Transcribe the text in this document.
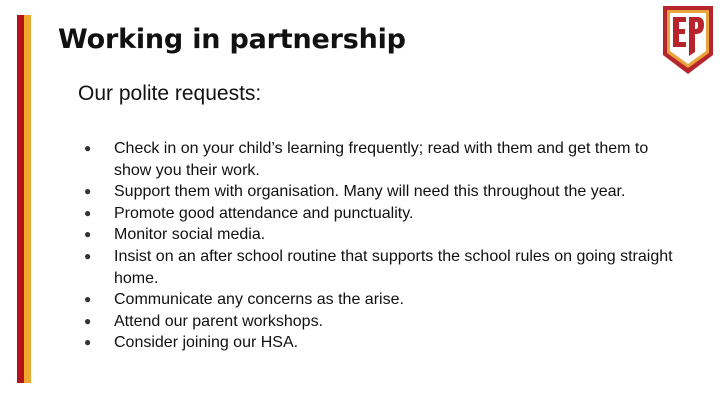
Working in partnership

Our polite requests:

●	Check in on your child’s learning frequently; read with them and get them to show you their work.
●	Support them with organisation. Many will need this throughout the year.
●	Promote good attendance and punctuality.
●	Monitor social media.
●	Insist on an after school routine that supports the school rules on going straight home.
●	Communicate any concerns as the arise.
●	Attend our parent workshops.
●	Consider joining our HSA.
